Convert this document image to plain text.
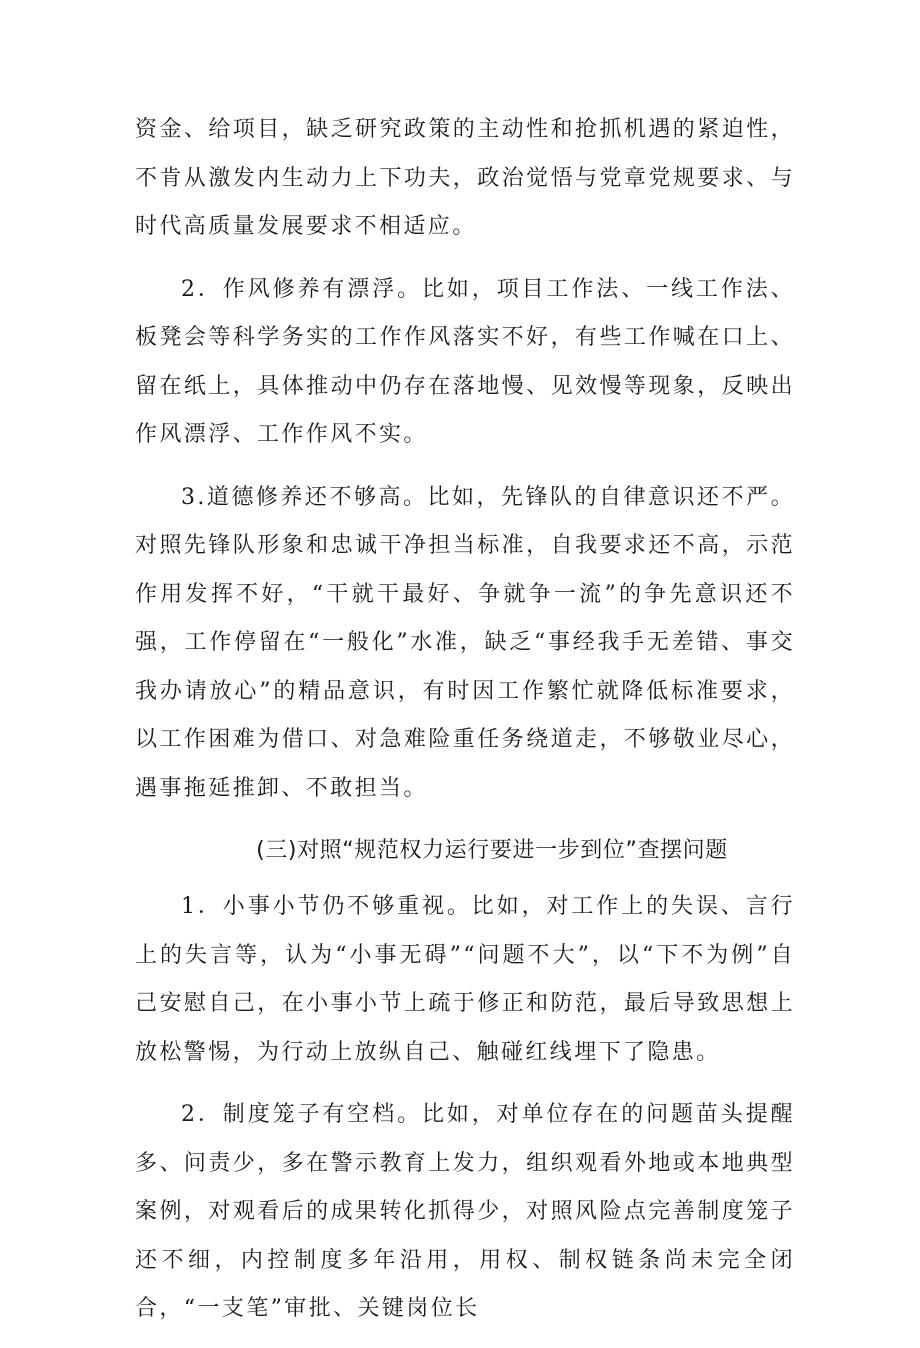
资金、给项目，缺乏研究政策的主动性和抢抓机遇的紧迫性，不肯从激发内生动力上下功夫，政治觉悟与党章党规要求、与时代高质量发展要求不相适应。

2．作风修养有漂浮。比如，项目工作法、一线工作法、板凳会等科学务实的工作作风落实不好，有些工作喊在口上、留在纸上，具体推动中仍存在落地慢、见效慢等现象，反映出作风漂浮、工作作风不实。

3.道德修养还不够高。比如，先锋队的自律意识还不严。对照先锋队形象和忠诚干净担当标准，自我要求还不高，示范作用发挥不好，“干就干最好、争就争一流”的争先意识还不强，工作停留在“一般化”水准，缺乏“事经我手无差错、事交我办请放心”的精品意识，有时因工作繁忙就降低标准要求，以工作困难为借口、对急难险重任务绕道走，不够敬业尽心，遇事拖延推卸、不敢担当。

(三)对照“规范权力运行要进一步到位”查摆问题

1．小事小节仍不够重视。比如，对工作上的失误、言行上的失言等，认为“小事无碍”“问题不大”，以“下不为例”自己安慰自己，在小事小节上疏于修正和防范，最后导致思想上放松警惕，为行动上放纵自己、触碰红线埋下了隐患。

2．制度笼子有空档。比如，对单位存在的问题苗头提醒多、问责少，多在警示教育上发力，组织观看外地或本地典型案例，对观看后的成果转化抓得少，对照风险点完善制度笼子还不细，内控制度多年沿用，用权、制权链条尚未完全闭合，“一支笔”审批、关键岗位长
